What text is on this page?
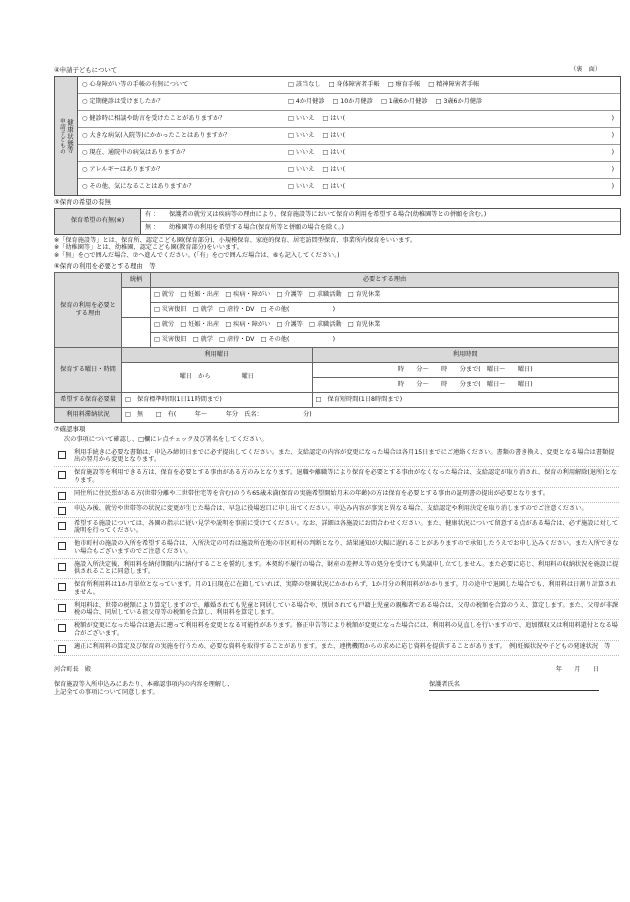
④申請子どもについて	（裏　面）
申請子どもの 健康状態等
○ 心身障がい等の手帳の有無について	□ 該当なし □ 身体障害者手帳 □ 療育手帳 □ 精神障害者手帳
○ 定期健診は受けましたか？	□ 4か月健診 □ 10か月健診 □ 1歳6か月健診 □ 3歳6か月健診
○ 健診時に相談や助言を受けたことがありますか？	□ いいえ □ はい(	)
○ 大きな病気(入院等)にかかったことはありますか？	□ いいえ □ はい(	)
○ 現在、通院中の病気はありますか？	□ いいえ □ はい(	)
○ アレルギーはありますか？	□ いいえ □ はい(	)
○ その他、気になることはありますか？	□ いいえ □ はい(	)
⑤保育の希望の有無
保育希望の有無(※)
有 ：	保護者の就労又は疾病等の理由により、保育施設等において保育の利用を希望する場合(幼稚園等との併願を含む。)
無 ：	幼稚園等の利用を希望する場合(保育所等と併願の場合を除く。)
※「保育施設等」とは、保育所、認定こども園(保育部分)、小規模保育、家庭的保育、居宅訪問型保育、事業所内保育をいいます。
※「幼稚園等」とは、幼稚園、認定こども園(教育部分)をいいます。
※「無」を○で囲んだ場合、⑦へ進んでください。(「有」を○で囲んだ場合は、⑥も記入してください。)
⑥保育の利用を必要とする理由　等
保育の利用を必要とする理由	続柄	必要とする理由	
		□ 就労　□ 妊娠・出産　□ 疾病・障がい　□ 介護等　□ 求職活動　□ 育児休業	
		□ 災害復旧　□ 就学　□ 虐待・DV　□ その他(　　　　　　　)	
		□ 就労　□ 妊娠・出産　□ 疾病・障がい　□ 介護等　□ 求職活動　□ 育児休業	
		□ 災害復旧　□ 就学　□ 虐待・DV　□ その他(　　　　　　　)	
保育する曜日・時間	利用曜日		利用時間
	曜日　から　　　　　曜日		時　　分～　　時　　分まで(　曜日～　　曜日)
			時　　分～　　時　　分まで(　曜日～　　曜日)
希望する保育必要量	□　保育標準時間(1日11時間まで)		□　保育短時間(1日8時間まで)
利用料滞納状況	□　無　　□　有(　　　年～　　　年分　氏名：　　　　　　　分)		
⑦確認事項
次の事項について確認し、□欄にレ点チェック及び署名をしてください。
利用手続きに必要な書類は、申込み締切日までに必ず提出してください。また、支給認定の内容が変更になった場合は各月15日までにご連絡ください。書類の書き換え、変更となる場合は書類提出の翌月から変更となります。
保育施設等を利用できる方は、保育を必要とする事由がある方のみとなります。退職や離職等により保育を必要とする事由がなくなった場合は、支給認定が取り消され、保育の利用解除(退所)となります。
同住所に住民票がある方(世帯分離や二世帯住宅等を含む)のうち65歳未満(保育の実施希望開始月末の年齢)の方は保育を必要とする事由の証明書の提出が必要となります。
申込み後、就労や世帯等の状況に変更が生じた場合は、早急に役場窓口に申し出てください。申込み内容が事実と異なる場合、支給認定や利用決定を取り消しますのでご注意ください。
希望する施設については、各園の指示に従い見学や説明を事前に受けてください。なお、詳細は各施設にお問合わせください。また、健康状況について留意する点がある場合は、必ず施設に対して説明を行ってください。
他市町村の施設の入所を希望する場合は、入所決定の可否は施設所在地の市区町村の判断となり、結果通知が大幅に遅れることがありますので承知したうえでお申し込みください。また入所できない場合もございますのでご注意ください。
施設入所決定後、利用料を納付期限内に納付することを誓約します。本契約不履行の場合、財産の差押え等の処分を受けても異議申し立てしません。また必要に応じ、利用料の収納状況を施設に提供されることに同意します。
保育所利用料は1か月単位となっています。月の1日現在に在籍していれば、実際の登園状況にかかわらず、1か月分の利用料がかかります。月の途中で退園した場合でも、利用料は日割り計算されません。
利用料は、世帯の税額により算定しますので、離婚されても児童と同居している場合や、別居されても戸籍上児童の親権者である場合は、父母の税額を合算のうえ、算定します。また、父母が非課税の場合、同居している祖父母等の税額を合算し、利用料を算定します。
税額が変更になった場合は過去に遡って利用料を変更となる可能性があります。修正申告等により税額が変更になった場合には、利用料の見直しを行いますので、追加徴収又は利用料還付となる場合がございます。
適正に利用料の算定及び保育の実施を行うため、必要な資料を取得することがあります。また、連携機関からの求めに応じ資料を提供することがあります。　例)妊娠状況や子どもの発達状況　等
河合町長　殿
保育施設等入所申込みにあたり、本確認事項内の内容を理解し、
上記全ての事項について同意します。
年　　月　　日
保護者氏名
